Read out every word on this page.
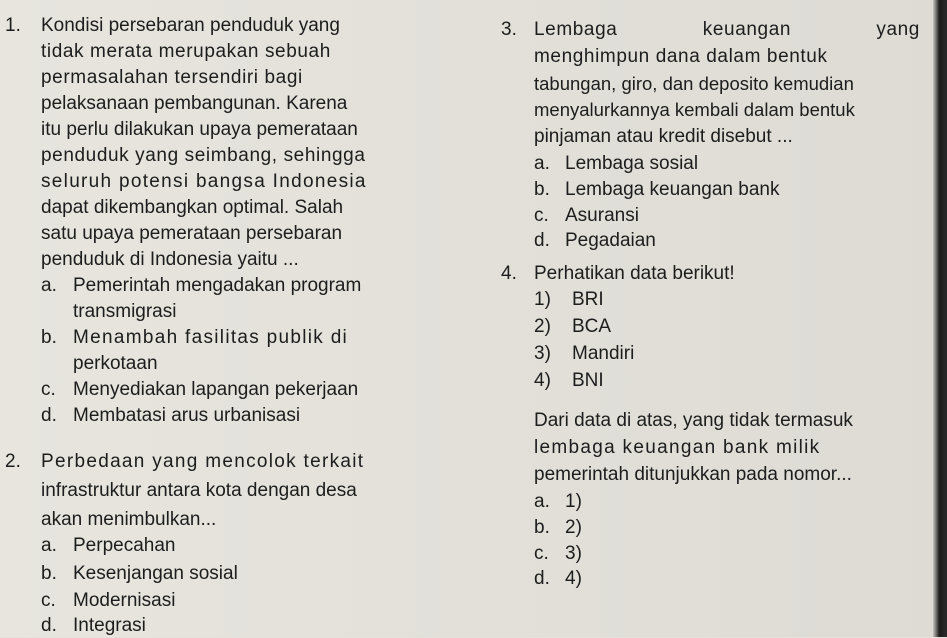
1. Kondisi persebaran penduduk yang
tidak merata merupakan sebuah
permasalahan tersendiri bagi
pelaksanaan pembangunan. Karena
itu perlu dilakukan upaya pemerataan
penduduk yang seimbang, sehingga
seluruh potensi bangsa Indonesia
dapat dikembangkan optimal. Salah
satu upaya pemerataan persebaran
penduduk di Indonesia yaitu ...
a. Pemerintah mengadakan program
transmigrasi
b. Menambah fasilitas publik di
perkotaan
c. Menyediakan lapangan pekerjaan
d. Membatasi arus urbanisasi
2. Perbedaan yang mencolok terkait
infrastruktur antara kota dengan desa
akan menimbulkan...
a. Perpecahan
b. Kesenjangan sosial
c. Modernisasi
d. Integrasi
3. Lembaga	keuangan	yang
menghimpun dana dalam bentuk
tabungan, giro, dan deposito kemudian
menyalurkannya kembali dalam bentuk
pinjaman atau kredit disebut ...
a. Lembaga sosial
b. Lembaga keuangan bank
c. Asuransi
d. Pegadaian
4. Perhatikan data berikut!
1) BRI
2) BCA
3) Mandiri
4) BNI
Dari data di atas, yang tidak termasuk
lembaga keuangan bank milik
pemerintah ditunjukkan pada nomor...
a. 1)
b. 2)
c. 3)
d. 4)
